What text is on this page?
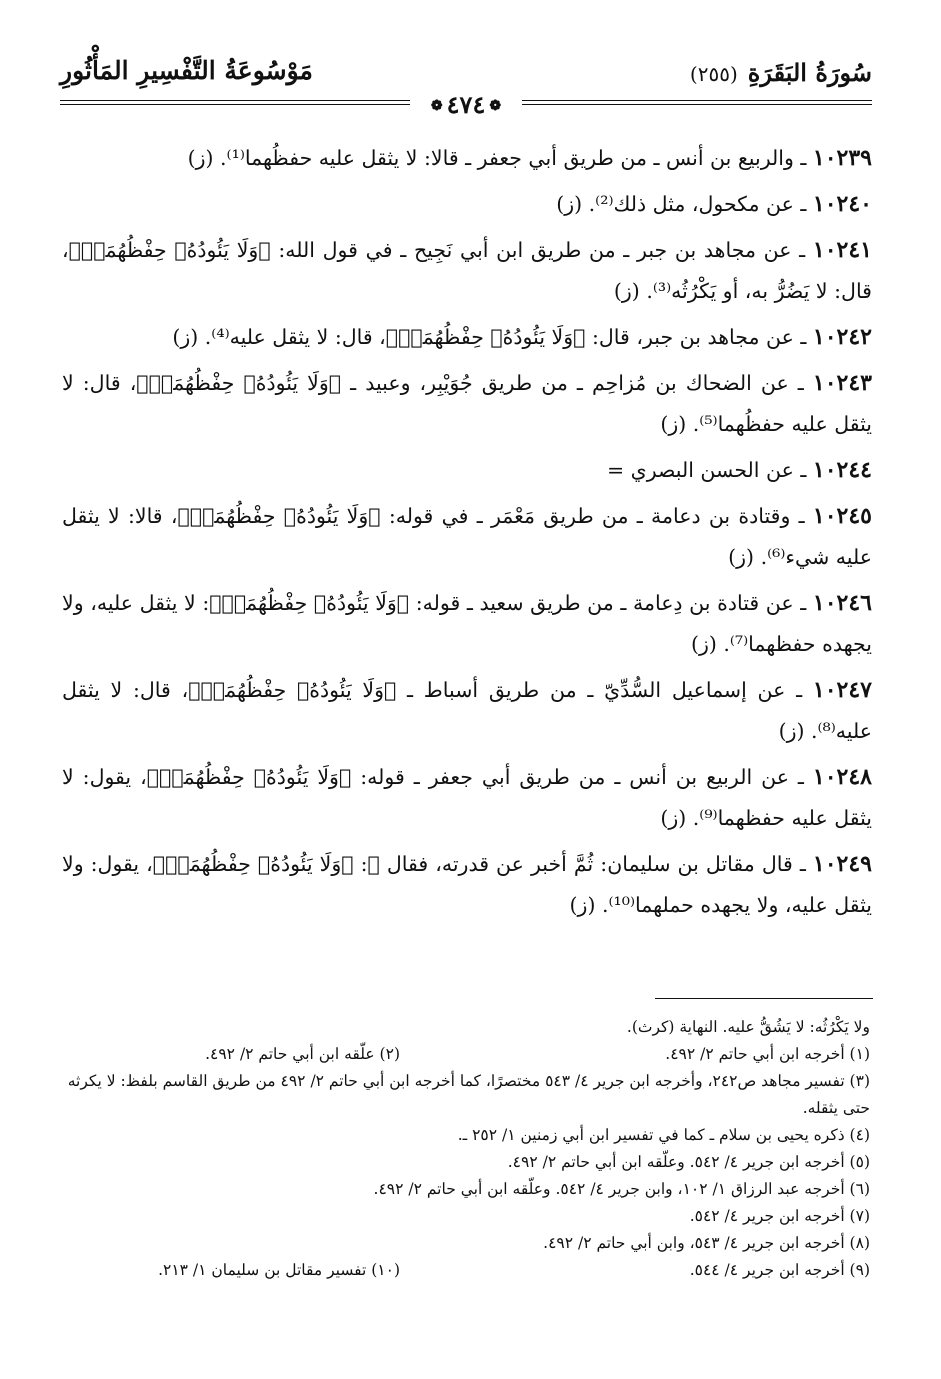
سُورَةُ البَقَرَةِ(٢٥٥)
مَوْسُوعَةُ التَّفْسِيرِ المَأْثُورِ
❁٤٧٤❁

١٠٢٣٩ ـ والربيع بن أنس ـ من طريق أبي جعفر ـ قالا: لا يثقل عليه حفظُهما⁽¹⁾. (ز)

١٠٢٤٠ ـ عن مكحول، مثل ذلك⁽²⁾. (ز)

١٠٢٤١ ـ عن مجاهد بن جبر ـ من طريق ابن أبي نَجِيح ـ في قول الله: ﴿وَلَا يَئُودُهُۥ حِفْظُهُمَاۚ﴾، قال: لا يَضُرُّ به، أو يَكْرُثُه⁽³⁾. (ز)

١٠٢٤٢ ـ عن مجاهد بن جبر، قال: ﴿وَلَا يَئُودُهُۥ حِفْظُهُمَاۚ﴾، قال: لا يثقل عليه⁽⁴⁾. (ز)

١٠٢٤٣ ـ عن الضحاك بن مُزاحِم ـ من طريق جُوَيْبِر، وعبيد ـ ﴿وَلَا يَئُودُهُۥ حِفْظُهُمَاۚ﴾، قال: لا يثقل عليه حفظُهما⁽⁵⁾. (ز)

١٠٢٤٤ ـ عن الحسن البصري =

١٠٢٤٥ ـ وقتادة بن دعامة ـ من طريق مَعْمَر ـ في قوله: ﴿وَلَا يَئُودُهُۥ حِفْظُهُمَاۚ﴾، قالا: لا يثقل عليه شيء⁽⁶⁾. (ز)

١٠٢٤٦ ـ عن قتادة بن دِعامة ـ من طريق سعيد ـ قوله: ﴿وَلَا يَئُودُهُۥ حِفْظُهُمَاۚ﴾: لا يثقل عليه، ولا يجهده حفظهما⁽⁷⁾. (ز)

١٠٢٤٧ ـ عن إسماعيل السُّدِّيّ ـ من طريق أسباط ـ ﴿وَلَا يَئُودُهُۥ حِفْظُهُمَاۚ﴾، قال: لا يثقل عليه⁽⁸⁾. (ز)

١٠٢٤٨ ـ عن الربيع بن أنس ـ من طريق أبي جعفر ـ قوله: ﴿وَلَا يَئُودُهُۥ حِفْظُهُمَاۚ﴾، يقول: لا يثقل عليه حفظهما⁽⁹⁾. (ز)

١٠٢٤٩ ـ قال مقاتل بن سليمان: ثُمَّ أخبر عن قدرته، فقال ﷻ: ﴿وَلَا يَئُودُهُۥ حِفْظُهُمَاۚ﴾، يقول: ولا يثقل عليه، ولا يجهده حملهما⁽¹⁰⁾. (ز)

ولا يَكْرُثُه: لا يَشُقُّ عليه. النهاية (كرث).

(١) أخرجه ابن أبي حاتم ٢/ ٤٩٢.
(٢) علّقه ابن أبي حاتم ٢/ ٤٩٢.

(٣) تفسير مجاهد ص٢٤٢، وأخرجه ابن جرير ٤/ ٥٤٣ مختصرًا، كما أخرجه ابن أبي حاتم ٢/ ٤٩٢ من طريق القاسم بلفظ: لا يكرثه حتى يثقله.

(٤) ذكره يحيى بن سلام ـ كما في تفسير ابن أبي زمنين ١/ ٢٥٢ ـ.

(٥) أخرجه ابن جرير ٤/ ٥٤٢. وعلّقه ابن أبي حاتم ٢/ ٤٩٢.

(٦) أخرجه عبد الرزاق ١/ ١٠٢، وابن جرير ٤/ ٥٤٢. وعلّقه ابن أبي حاتم ٢/ ٤٩٢.

(٧) أخرجه ابن جرير ٤/ ٥٤٢.

(٨) أخرجه ابن جرير ٤/ ٥٤٣، وابن أبي حاتم ٢/ ٤٩٢.

(٩) أخرجه ابن جرير ٤/ ٥٤٤.
(١٠) تفسير مقاتل بن سليمان ١/ ٢١٣.
